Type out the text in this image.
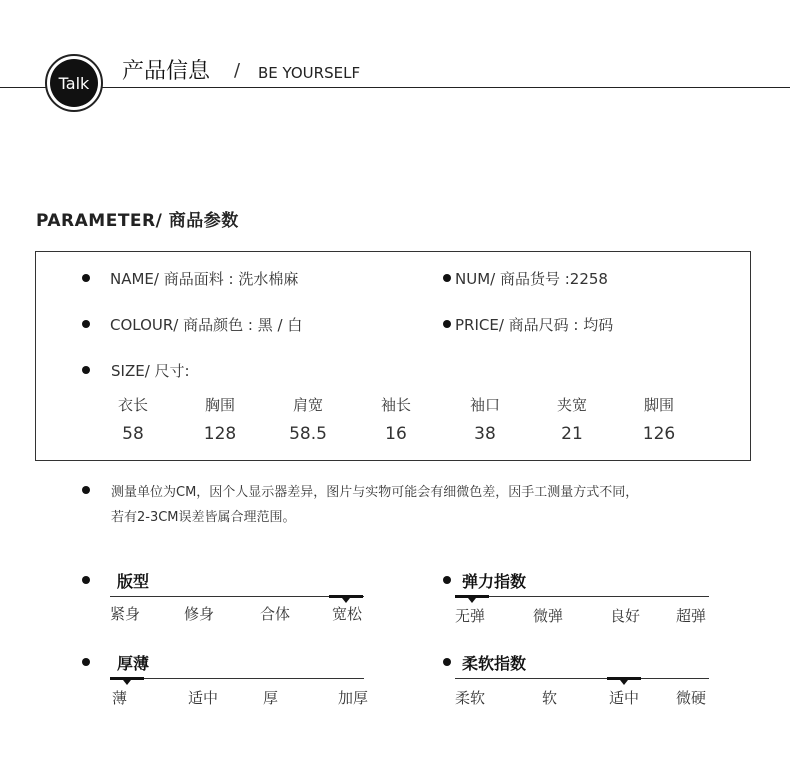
Talk	产品信息 / BE YOURSELF
PARAMETER/ 商品参数
NAME/ 商品面料 : 洗水棉麻	NUM/ 商品货号 :2258
COLOUR/ 商品颜色 : 黑 / 白	PRICE/ 商品尺码 : 均码
SIZE/ 尺寸:
衣长	胸围	肩宽	袖长	袖口	夹宽	脚围
58	128	58.5	16	38	21	126
测量单位为CM，因个人显示器差异，图片与实物可能会有细微色差，因手工测量方式不同，
若有2-3CM误差皆属合理范围。
版型
紧身	修身	合体	宽松
弹力指数
无弹	微弹	良好 超弹
厚薄
薄	适中	厚	加厚
柔软指数
柔软	软	适中 微硬
